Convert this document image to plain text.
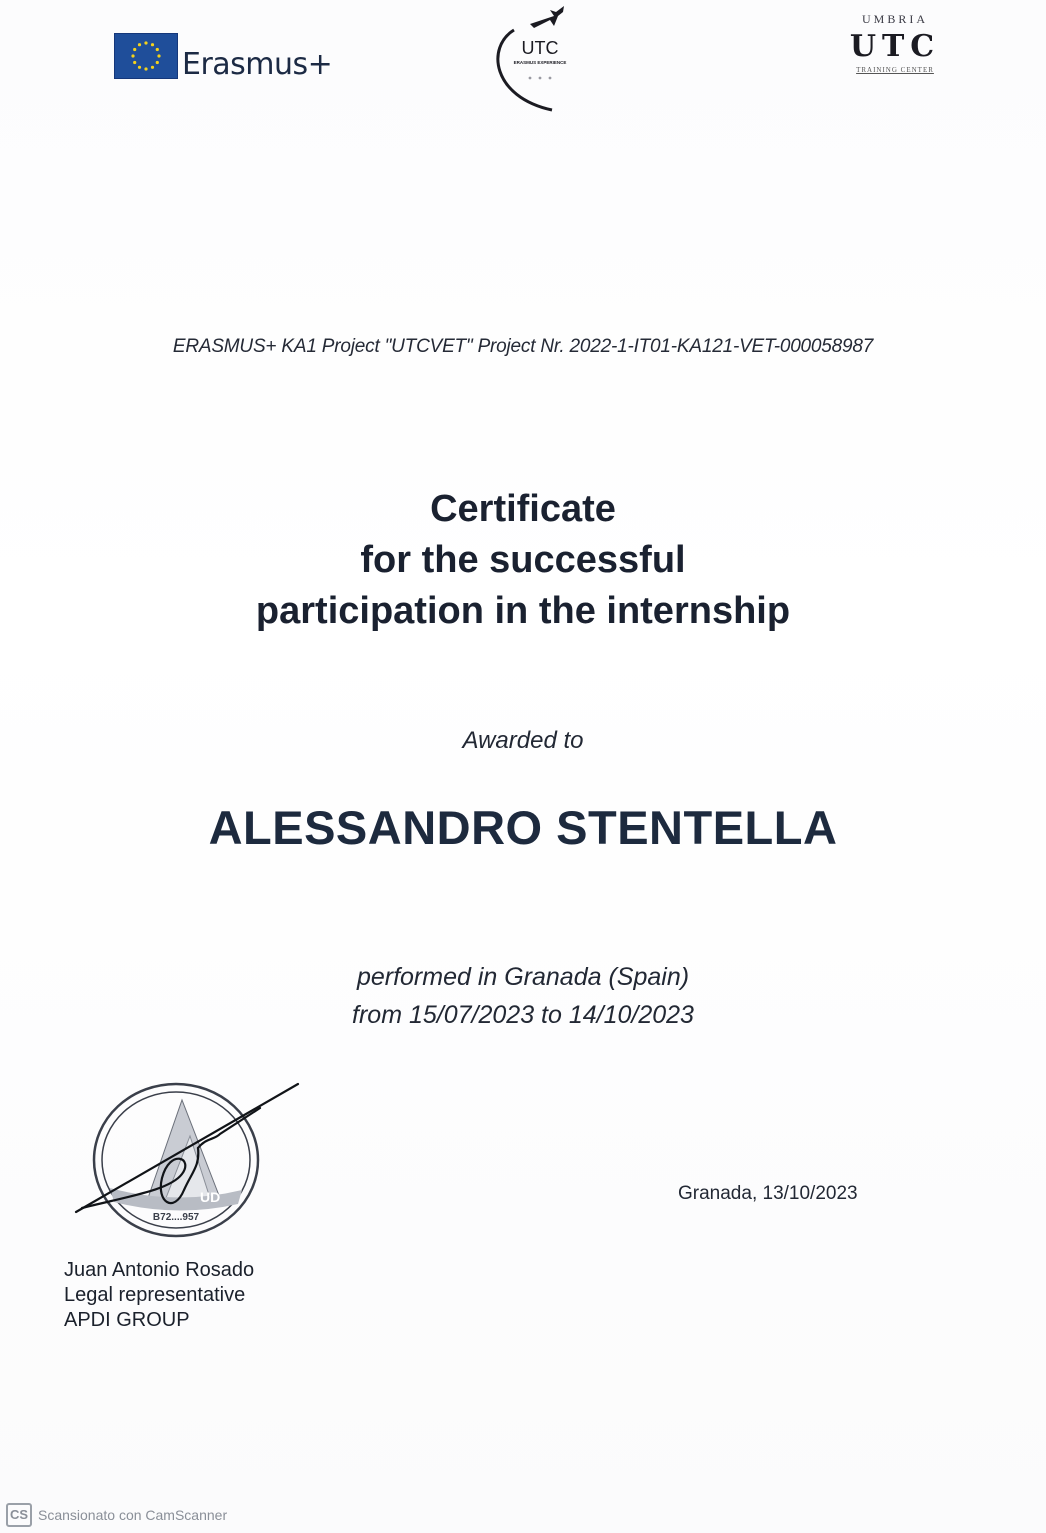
Erasmus+	UTC
ERASMUS EXPERIENCE
UMBRIA
UTC
TRAINING CENTER
ERASMUS+ KA1 Project "UTCVET" Project Nr. 2022-1-IT01-KA121-VET-000058987
Certificate
for the successful
participation in the internship
Awarded to
ALESSANDRO STENTELLA
performed in Granada (Spain)
from 15/07/2023 to 14/10/2023
UD
B72....957
Granada, 13/10/2023
Juan Antonio Rosado
Legal representative
APDI GROUP
CS Scansionato con CamScanner
